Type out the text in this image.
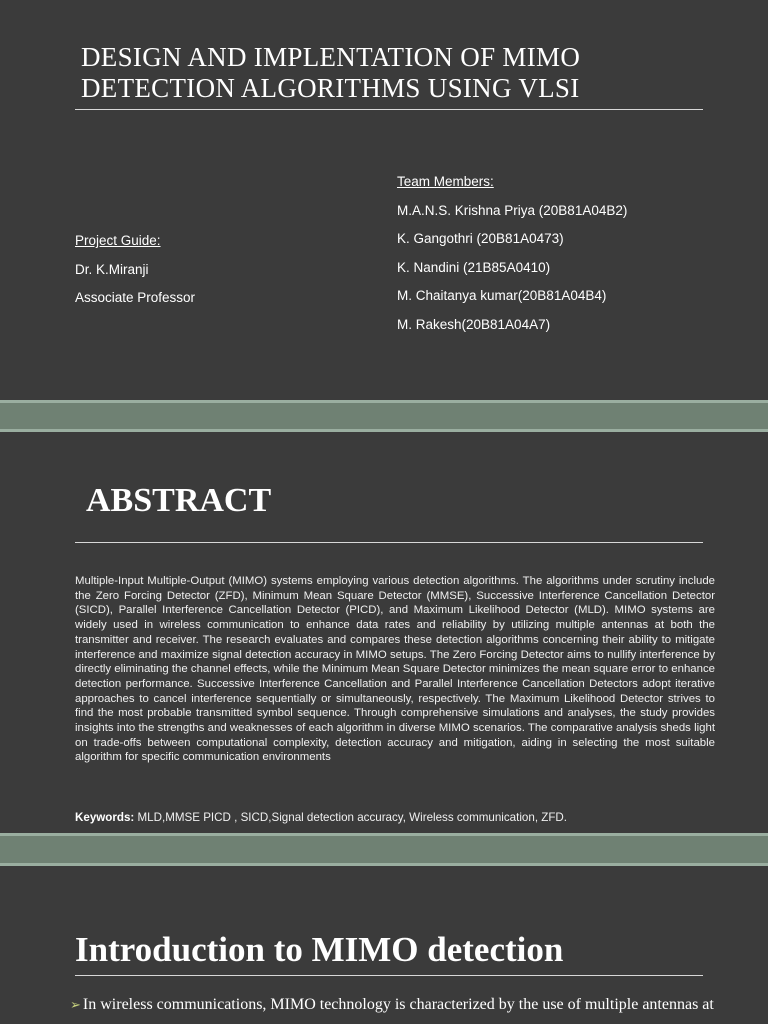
DESIGN AND IMPLENTATION OF MIMO
DETECTION ALGORITHMS USING VLSI
Project Guide:
Dr. K.Miranji
Associate Professor
Team Members:
M.A.N.S. Krishna Priya (20B81A04B2)
K. Gangothri (20B81A0473)
K. Nandini (21B85A0410)
M. Chaitanya kumar(20B81A04B4)
M. Rakesh(20B81A04A7)
ABSTRACT
Multiple-Input Multiple-Output (MIMO) systems employing various detection algorithms. The algorithms under scrutiny include the Zero Forcing Detector (ZFD), Minimum Mean Square Detector (MMSE), Successive Interference Cancellation Detector (SICD), Parallel Interference Cancellation Detector (PICD), and Maximum Likelihood Detector (MLD). MIMO systems are widely used in wireless communication to enhance data rates and reliability by utilizing multiple antennas at both the transmitter and receiver. The research evaluates and compares these detection algorithms concerning their ability to mitigate interference and maximize signal detection accuracy in MIMO setups. The Zero Forcing Detector aims to nullify interference by directly eliminating the channel effects, while the Minimum Mean Square Detector minimizes the mean square error to enhance detection performance. Successive Interference Cancellation and Parallel Interference Cancellation Detectors adopt iterative approaches to cancel interference sequentially or simultaneously, respectively. The Maximum Likelihood Detector strives to find the most probable transmitted symbol sequence. Through comprehensive simulations and analyses, the study provides insights into the strengths and weaknesses of each algorithm in diverse MIMO scenarios. The comparative analysis sheds light on trade-offs between computational complexity, detection accuracy and mitigation, aiding in selecting the most suitable algorithm for specific communication environments
Keywords: MLD,MMSE PICD , SICD,Signal detection accuracy, Wireless communication, ZFD.
Introduction to MIMO detection
➢ In wireless communications, MIMO technology is characterized by the use of multiple antennas at
